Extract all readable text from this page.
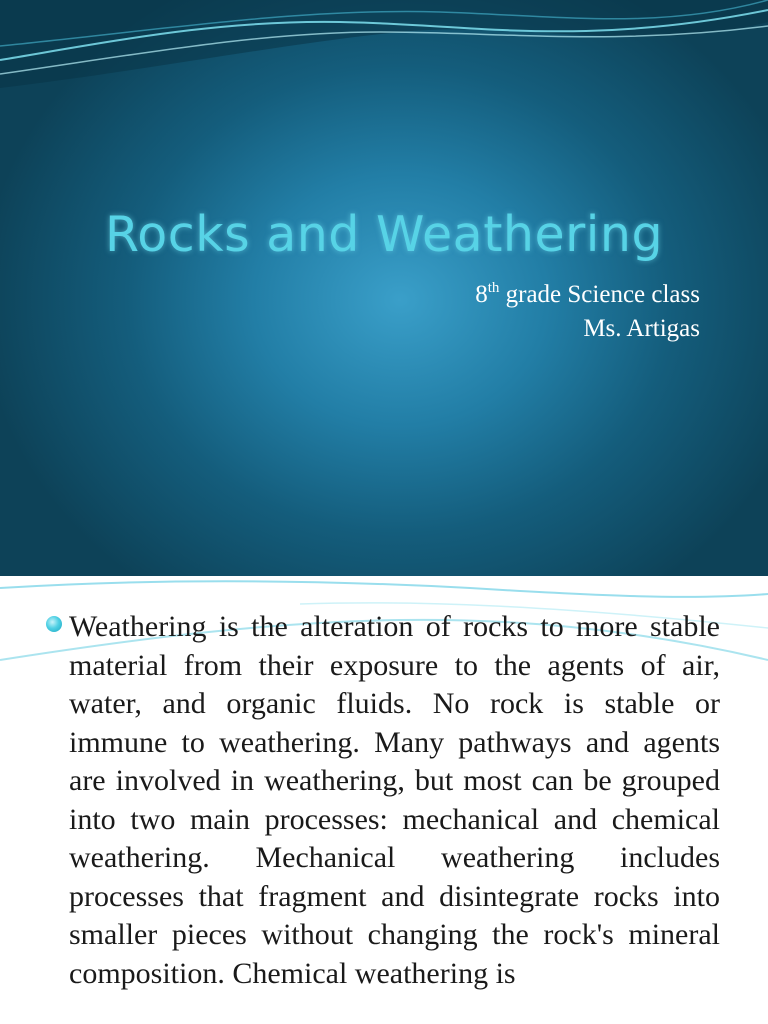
Rocks and Weathering
8th grade Science class
Ms. Artigas
Weathering is the alteration of rocks to more stable material from their exposure to the agents of air, water, and organic fluids. No rock is stable or immune to weathering. Many pathways and agents are involved in weathering, but most can be grouped into two main processes: mechanical and chemical weathering. Mechanical weathering includes processes that fragment and disintegrate rocks into smaller pieces without changing the rock's mineral composition. Chemical weathering is
